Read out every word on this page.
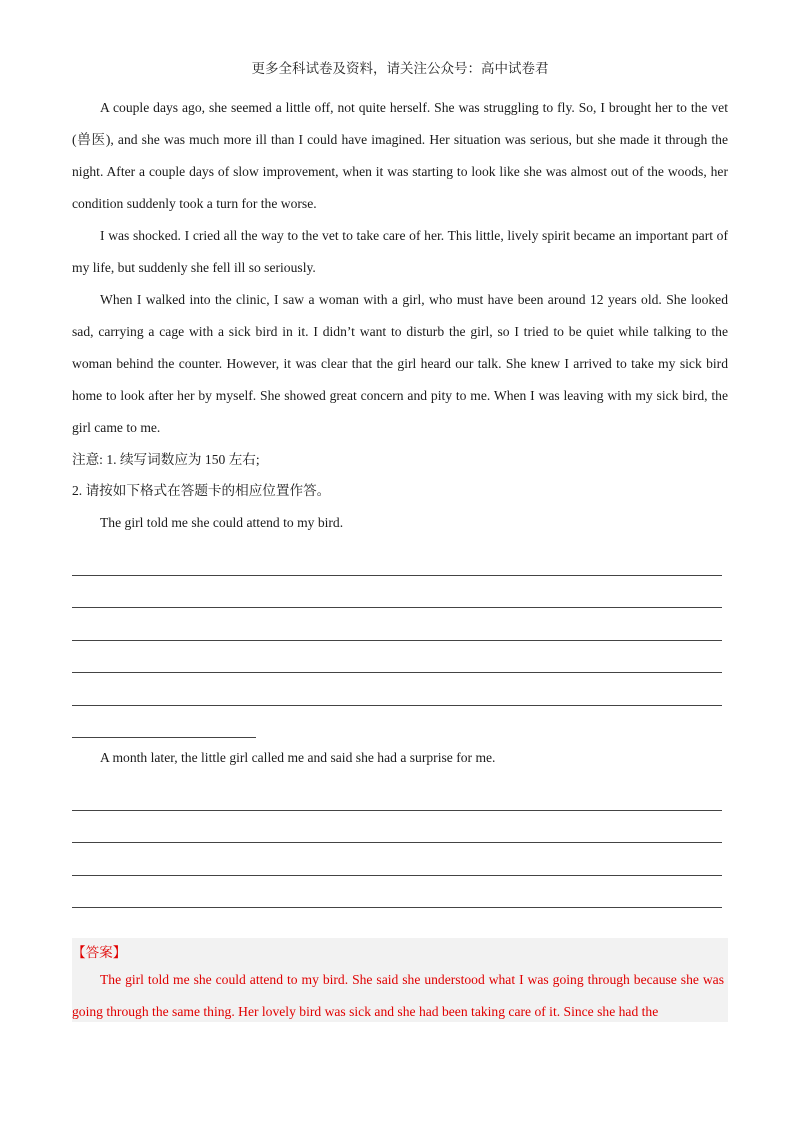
更多全科试卷及资料，请关注公众号：高中试卷君

A couple days ago, she seemed a little off, not quite herself. She was struggling to fly. So, I brought her to the vet (兽医), and she was much more ill than I could have imagined. Her situation was serious, but she made it through the night. After a couple days of slow improvement, when it was starting to look like she was almost out of the woods, her condition suddenly took a turn for the worse.

I was shocked. I cried all the way to the vet to take care of her. This little, lively spirit became an important part of my life, but suddenly she fell ill so seriously.

When I walked into the clinic, I saw a woman with a girl, who must have been around 12 years old. She looked sad, carrying a cage with a sick bird in it. I didn’t want to disturb the girl, so I tried to be quiet while talking to the woman behind the counter. However, it was clear that the girl heard our talk. She knew I arrived to take my sick bird home to look after her by myself. She showed great concern and pity to me. When I was leaving with my sick bird, the girl came to me.

注意: 1. 续写词数应为 150 左右;

2. 请按如下格式在答题卡的相应位置作答。

The girl told me she could attend to my bird.

A month later, the little girl called me and said she had a surprise for me.

【答案】

The girl told me she could attend to my bird. She said she understood what I was going through because she was going through the same thing. Her lovely bird was sick and she had been taking care of it. Since she had the
